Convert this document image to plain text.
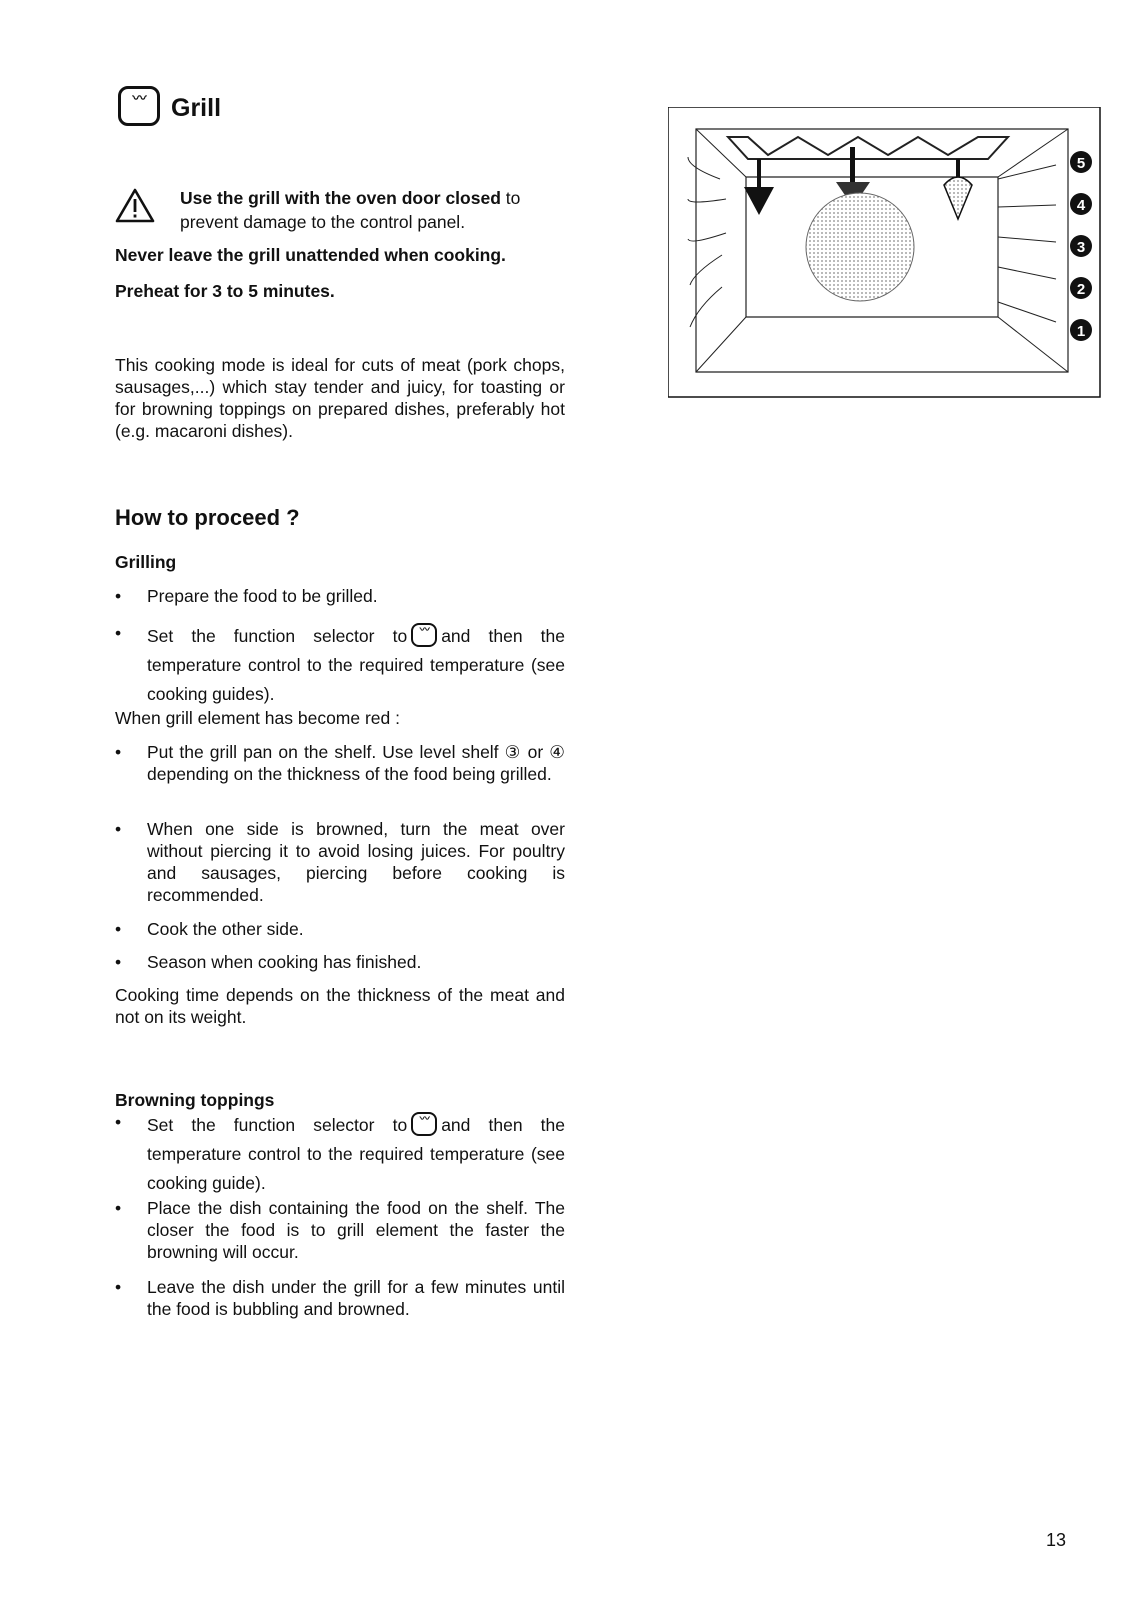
〰 Grill
Use the grill with the oven door closed to
prevent damage to the control panel.
Never leave the grill unattended when cooking.
Preheat for 3 to 5 minutes.
This cooking mode is ideal for cuts of meat (pork chops, sausages,...) which stay tender and juicy, for toasting or for browning toppings on prepared dishes, preferably hot (e.g. macaroni dishes).
How to proceed ?
Grilling
• Prepare the food to be grilled.
• Set the function selector to 〰 and then the temperature control to the required temperature (see cooking guides).
When grill element has become red :
• Put the grill pan on the shelf. Use level shelf ③ or ④ depending on the thickness of the food being grilled.
• When one side is browned, turn the meat over without piercing it to avoid losing juices. For poultry and sausages, piercing before cooking is recommended.
• Cook the other side.
• Season when cooking has finished.
Cooking time depends on the thickness of the meat and not on its weight.
Browning toppings
• Set the function selector to 〰 and then the temperature control to the required temperature (see cooking guide).
• Place the dish containing the food on the shelf. The closer the food is to grill element the faster the browning will occur.
• Leave the dish under the grill for a few minutes until the food is bubbling and browned.
5
4
3
2
1
13
